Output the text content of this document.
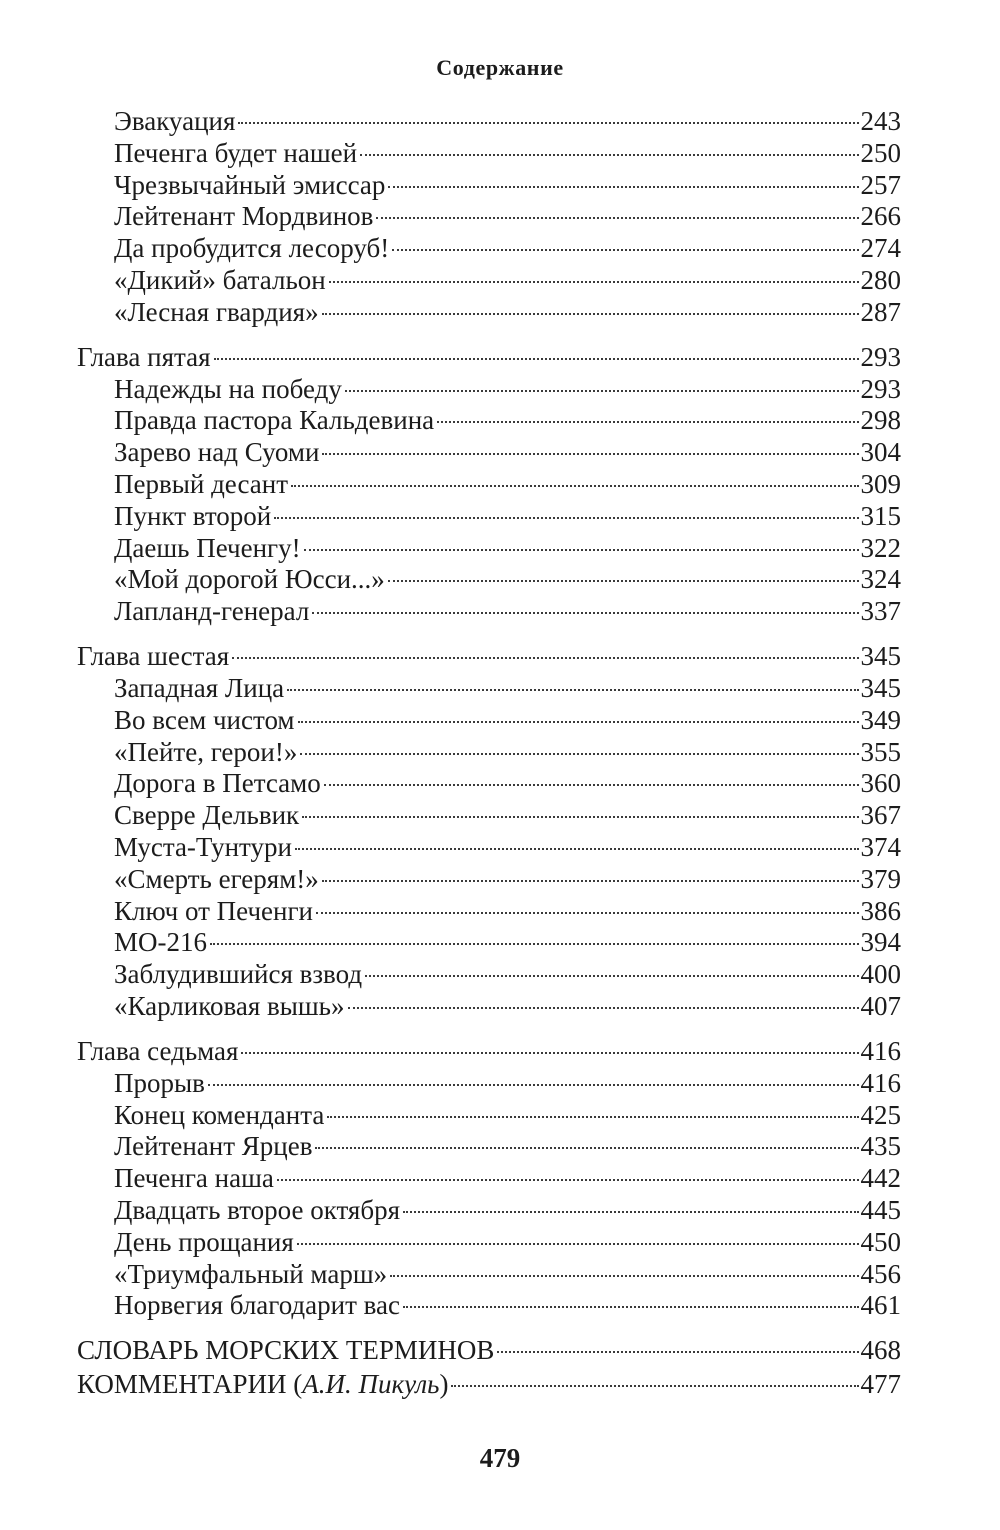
Содержание
Эвакуация	243
Печенга будет нашей	250
Чрезвычайный эмиссар	257
Лейтенант Мордвинов	266
Да пробудится лесоруб!	274
«Дикий» батальон	280
«Лесная гвардия»	287
Глава пятая	293
Надежды на победу	293
Правда пастора Кальдевина	298
Зарево над Суоми	304
Первый десант	309
Пункт второй	315
Даешь Печенгу!	322
«Мой дорогой Юсси...»	324
Лапланд-генерал	337
Глава шестая	345
Западная Лица	345
Во всем чистом	349
«Пейте, герои!»	355
Дорога в Петсамо	360
Сверре Дельвик	367
Муста-Тунтури	374
«Смерть егерям!»	379
Ключ от Печенги	386
МО-216	394
Заблудившийся взвод	400
«Карликовая вышь»	407
Глава седьмая	416
Прорыв	416
Конец коменданта	425
Лейтенант Ярцев	435
Печенга наша	442
Двадцать второе октября	445
День прощания	450
«Триумфальный марш»	456
Норвегия благодарит вас	461
СЛОВАРЬ МОРСКИХ ТЕРМИНОВ	468
КОММЕНТАРИИ (А.И. Пикуль)	477
479
